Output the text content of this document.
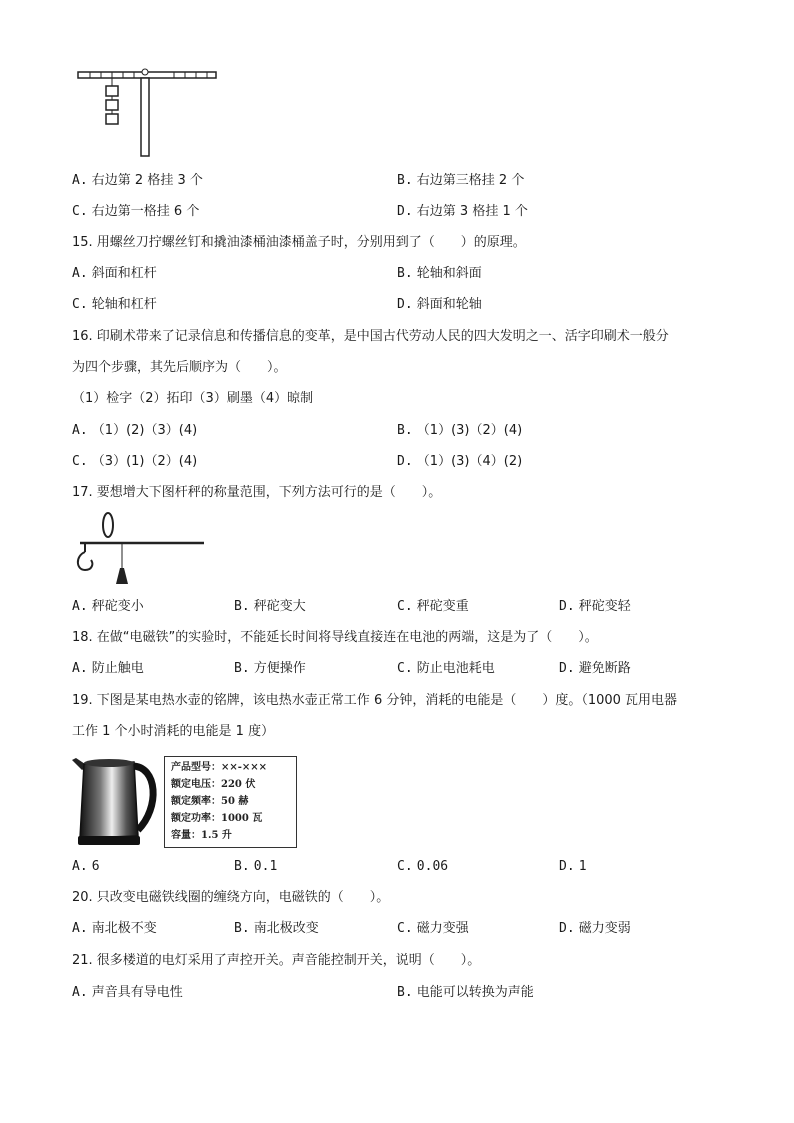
A. 右边第 2 格挂 3 个	B. 右边第三格挂 2 个
C. 右边第一格挂 6 个	D. 右边第 3 格挂 1 个
15. 用螺丝刀拧螺丝钉和撬油漆桶油漆桶盖子时，分别用到了（　　）的原理。
A. 斜面和杠杆	B. 轮轴和斜面
C. 轮轴和杠杆	D. 斜面和轮轴
16. 印刷术带来了记录信息和传播信息的变革，是中国古代劳动人民的四大发明之一、活字印刷术一般分
为四个步骤，其先后顺序为（　　）。
（1）检字（2）拓印（3）刷墨（4）晾制
A. （1）(2)（3）(4)	B. （1）(3)（2）(4)
C. （3）(1)（2）(4)	D. （1）(3)（4）(2)
17. 要想增大下图杆秤的称量范围，下列方法可行的是（　　）。
A. 秤砣变小	B. 秤砣变大	C. 秤砣变重	D. 秤砣变轻
18. 在做“电磁铁”的实验时，不能延长时间将导线直接连在电池的两端，这是为了（　　）。
A. 防止触电	B. 方便操作	C. 防止电池耗电	D. 避免断路
19. 下图是某电热水壶的铭牌，该电热水壶正常工作 6 分钟，消耗的电能是（　　）度。（1000 瓦用电器
工作 1 个小时消耗的电能是 1 度）
产品型号：××-×××
额定电压：220 伏
额定频率：50 赫
额定功率：1000 瓦
容量：1.5 升
A. 6	B. 0.1	C. 0.06	D. 1
20. 只改变电磁铁线圈的缠绕方向，电磁铁的（　　）。
A. 南北极不变	B. 南北极改变	C. 磁力变强	D. 磁力变弱
21. 很多楼道的电灯采用了声控开关。声音能控制开关，说明（　　）。
A. 声音具有导电性	B. 电能可以转换为声能
